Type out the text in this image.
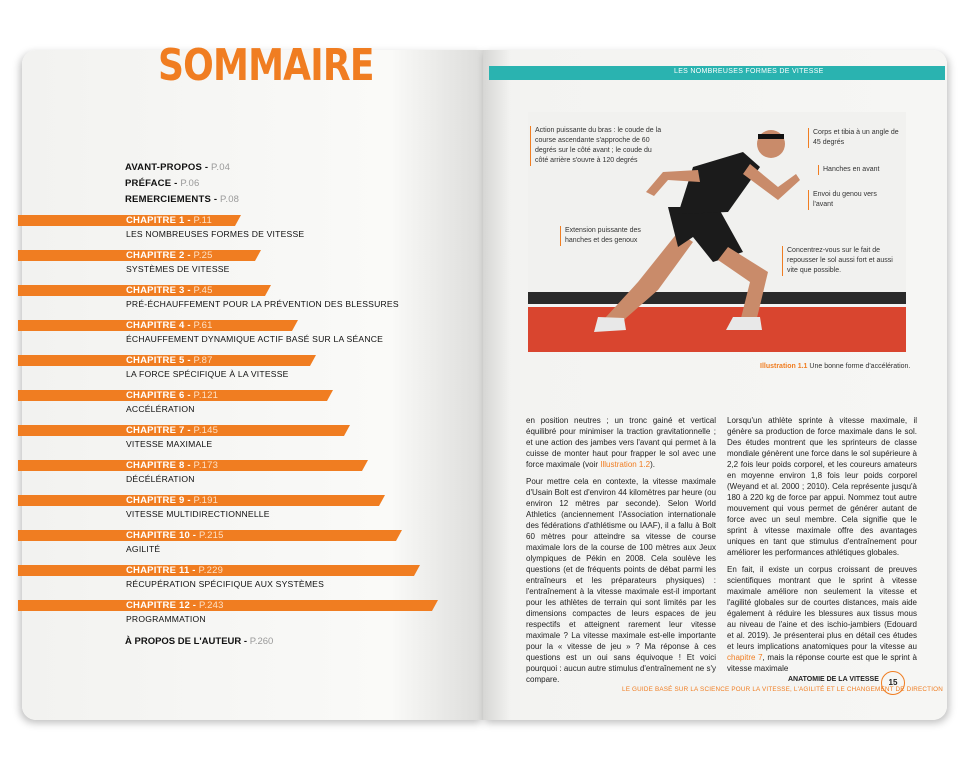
SOMMAIRE
AVANT-PROPOS - P.04
PRÉFACE - P.06
REMERCIEMENTS - P.08
CHAPITRE 1 - P.11
LES NOMBREUSES FORMES DE VITESSE
CHAPITRE 2 - P.25
SYSTÈMES DE VITESSE
CHAPITRE 3 - P.45
PRÉ-ÉCHAUFFEMENT POUR LA PRÉVENTION DES BLESSURES
CHAPITRE 4 - P.61
ÉCHAUFFEMENT DYNAMIQUE ACTIF BASÉ SUR LA SÉANCE
CHAPITRE 5 - P.87
LA FORCE SPÉCIFIQUE À LA VITESSE
CHAPITRE 6 - P.121
ACCÉLÉRATION
CHAPITRE 7 - P.145
VITESSE MAXIMALE
CHAPITRE 8 - P.173
DÉCÉLÉRATION
CHAPITRE 9 - P.191
VITESSE MULTIDIRECTIONNELLE
CHAPITRE 10 - P.215
AGILITÉ
CHAPITRE 11 - P.229
RÉCUPÉRATION SPÉCIFIQUE AUX SYSTÈMES
CHAPITRE 12 - P.243
PROGRAMMATION
À PROPOS DE L'AUTEUR - P.260
LES NOMBREUSES FORMES DE VITESSE
Action puissante du bras : le coude de la course ascendante s'approche de 60 degrés sur le côté avant ; le coude du côté arrière s'ouvre à 120 degrés
Corps et tibia à un angle de 45 degrés
Hanches en avant
Envoi du genou vers l'avant
Extension puissante des hanches et des genoux
Concentrez-vous sur le fait de repousser le sol aussi fort et aussi vite que possible.
Illustration 1.1 Une bonne forme d'accélération.

en position neutres ; un tronc gainé et vertical équilibré pour minimiser la traction gravitationnelle ; et une action des jambes vers l'avant qui permet à la cuisse de monter haut pour frapper le sol avec une force maximale (voir Illustration 1.2).

Pour mettre cela en contexte, la vitesse maximale d'Usain Bolt est d'environ 44 kilomètres par heure (ou environ 12 mètres par seconde). Selon World Athletics (anciennement l'Association internationale des fédérations d'athlétisme ou IAAF), il a fallu à Bolt 60 mètres pour atteindre sa vitesse de course maximale lors de la course de 100 mètres aux Jeux olympiques de Pékin en 2008. Cela soulève les questions (et de fréquents points de débat parmi les entraîneurs et les préparateurs physiques) : l'entraînement à la vitesse maximale est-il important pour les athlètes de terrain qui sont limités par les dimensions compactes de leurs espaces de jeu respectifs et atteignent rarement leur vitesse maximale ? La vitesse maximale est-elle importante pour la « vitesse de jeu » ? Ma réponse à ces questions est un oui sans équivoque ! Et voici pourquoi : aucun autre stimulus d'entraînement ne s'y compare.

Lorsqu'un athlète sprinte à vitesse maximale, il génère sa production de force maximale dans le sol. Des études montrent que les sprinteurs de classe mondiale génèrent une force dans le sol supérieure à 2,2 fois leur poids corporel, et les coureurs amateurs en moyenne environ 1,8 fois leur poids corporel (Weyand et al. 2000 ; 2010). Cela représente jusqu'à 180 à 220 kg de force par appui. Nommez tout autre mouvement qui vous permet de générer autant de force avec un seul membre. Cela signifie que le sprint à vitesse maximale offre des avantages uniques en tant que stimulus d'entraînement pour améliorer les performances athlétiques globales.

En fait, il existe un corpus croissant de preuves scientifiques montrant que le sprint à vitesse maximale améliore non seulement la vitesse et l'agilité globales sur de courtes distances, mais aide également à réduire les blessures aux tissus mous au niveau de l'aine et des ischio-jambiers (Edouard et al. 2019). Je présenterai plus en détail ces études et leurs implications anatomiques pour la vitesse au chapitre 7, mais la réponse courte est que le sprint à vitesse maximale

ANATOMIE DE LA VITESSE
LE GUIDE BASÉ SUR LA SCIENCE POUR LA VITESSE, L'AGILITÉ ET LE CHANGEMENT DE DIRECTION
15
